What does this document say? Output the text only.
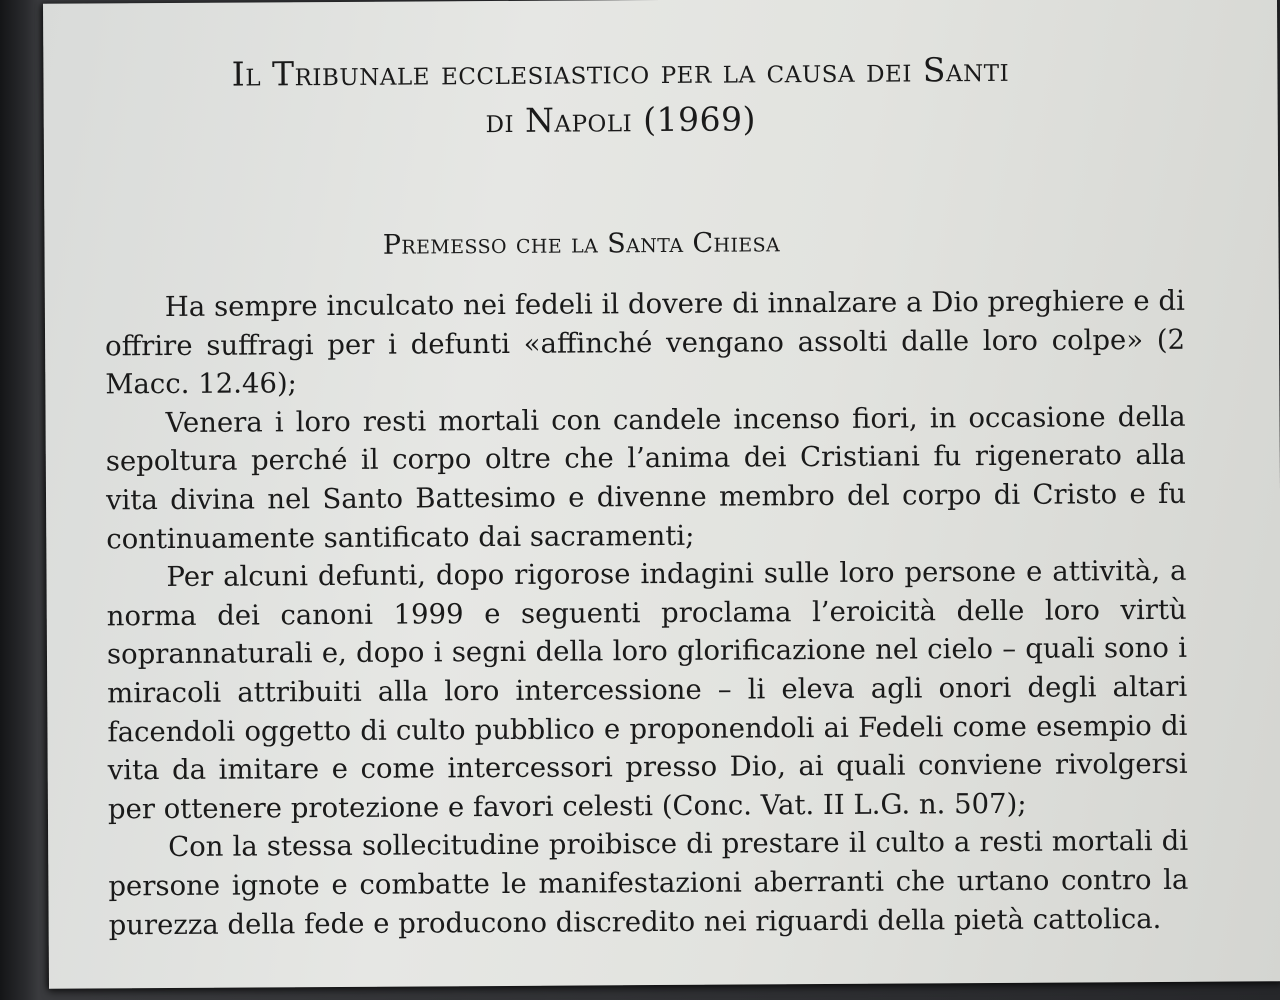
Il Tribunale ecclesiastico per la causa dei Santi
di Napoli (1969)
Premesso che la Santa Chiesa

Ha sempre inculcato nei fedeli il dovere di innalzare a Dio preghiere e di offrire suffragi per i defunti «affinché vengano assolti dalle loro colpe» (2 Macc. 12.46);

Venera i loro resti mortali con candele incenso fiori, in occasione della sepoltura perché il corpo oltre che l’anima dei Cristiani fu rigenerato alla vita divina nel Santo Battesimo e divenne membro del corpo di Cristo e fu continuamente santificato dai sacramenti;

Per alcuni defunti, dopo rigorose indagini sulle loro persone e attività, a norma dei canoni 1999 e seguenti proclama l’eroicità delle loro virtù soprannaturali e, dopo i segni della loro glorificazione nel cielo – quali sono i miracoli attribuiti alla loro intercessione – li eleva agli onori degli altari facendoli oggetto di culto pubblico e proponendoli ai Fedeli come esempio di vita da imitare e come intercessori presso Dio, ai quali conviene rivolgersi per ottenere protezione e favori celesti (Conc. Vat. II L.G. n. 507);

Con la stessa sollecitudine proibisce di prestare il culto a resti mortali di persone ignote e combatte le manifestazioni aberranti che urtano contro la purezza della fede e producono discredito nei riguardi della pietà cattolica.
